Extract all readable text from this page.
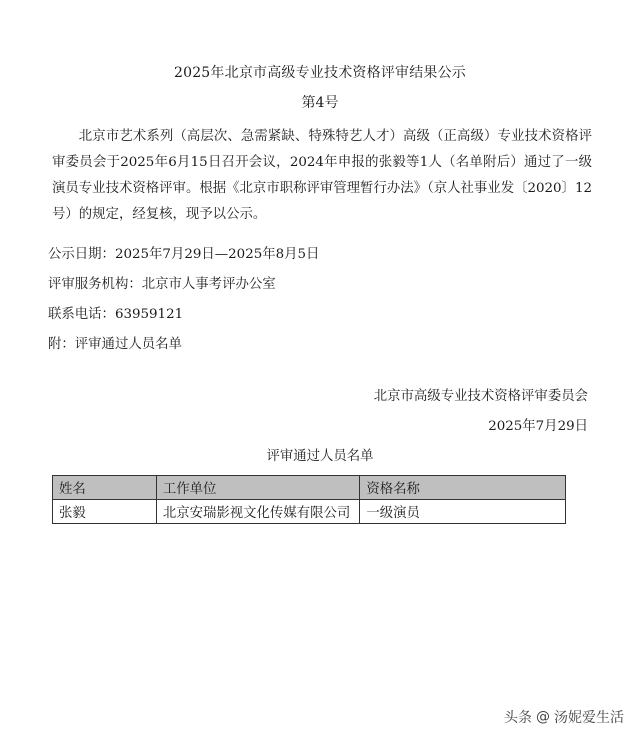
2025年北京市高级专业技术资格评审结果公示
第4号

北京市艺术系列（高层次、急需紧缺、特殊特艺人才）高级（正高级）专业技术资格评审委员会于2025年6月15日召开会议，2024年申报的张毅等1人（名单附后）通过了一级演员专业技术资格评审。根据《北京市职称评审管理暂行办法》（京人社事业发〔2020〕12号）的规定，经复核，现予以公示。

公示日期：2025年7月29日—2025年8月5日
评审服务机构：北京市人事考评办公室
联系电话：63959121
附：评审通过人员名单
北京市高级专业技术资格评审委员会
2025年7月29日
评审通过人员名单
姓名	工作单位	资格名称
张毅	北京安瑞影视文化传媒有限公司	一级演员
头条 @ 汤妮爱生活
